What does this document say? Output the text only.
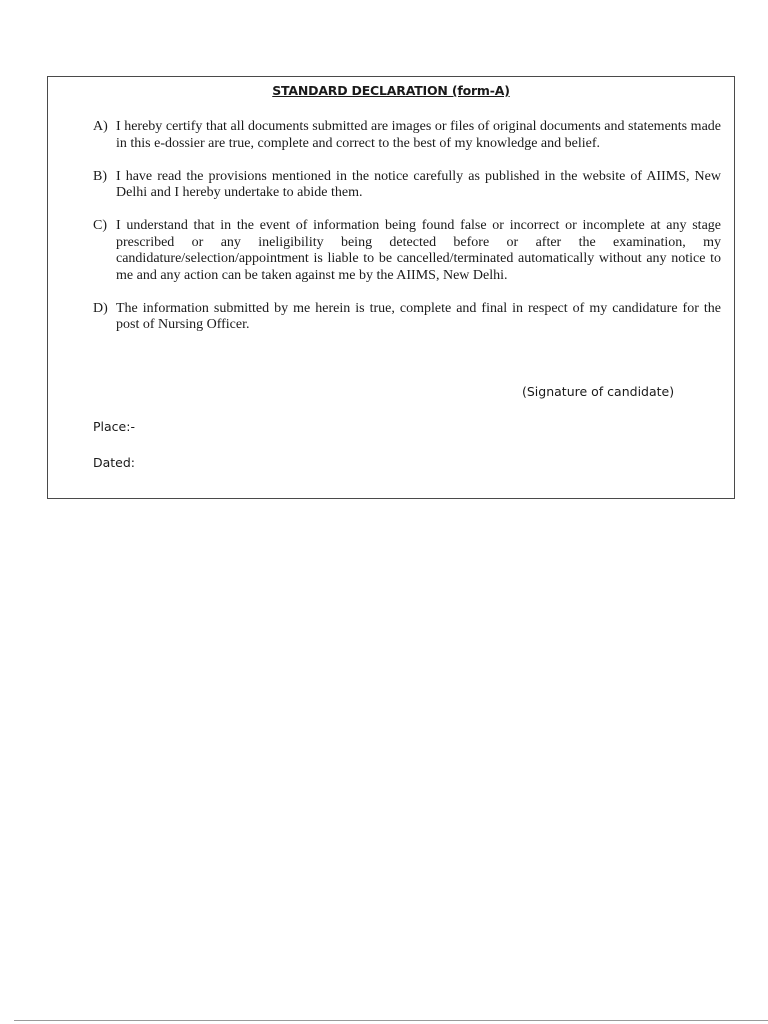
STANDARD DECLARATION (form-A)
A) I hereby certify that all documents submitted are images or files of original documents and statements made in this e-dossier are true, complete and correct to the best of my knowledge and belief.
B) I have read the provisions mentioned in the notice carefully as published in the website of AIIMS, New Delhi and I hereby undertake to abide them.
C) I understand that in the event of information being found false or incorrect or incomplete at any stage prescribed or any ineligibility being detected before or after the examination, my candidature/selection/appointment is liable to be cancelled/terminated automatically without any notice to me and any action can be taken against me by the AIIMS, New Delhi.
D) The information submitted by me herein is true, complete and final in respect of my candidature for the post of Nursing Officer.
(Signature of candidate)
Place:-
Dated:
